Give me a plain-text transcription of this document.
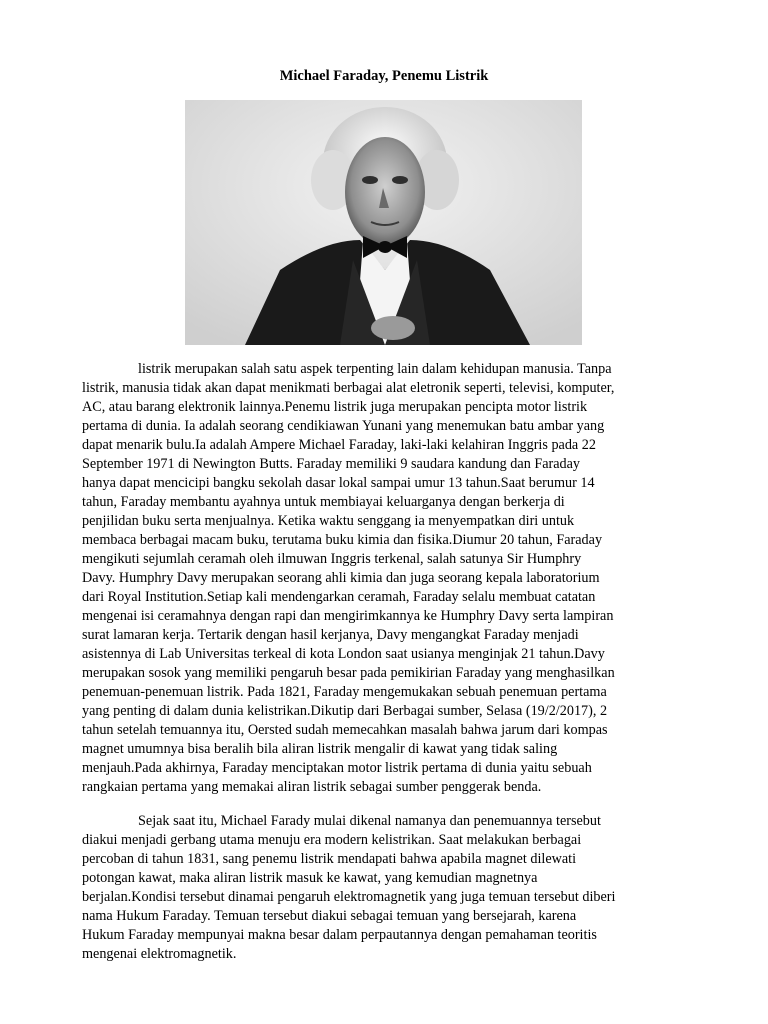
Michael Faraday, Penemu Listrik
listrik merupakan salah satu aspek terpenting lain dalam kehidupan manusia. Tanpa
listrik, manusia tidak akan dapat menikmati berbagai alat eletronik seperti, televisi, komputer,
AC, atau barang elektronik lainnya.Penemu listrik juga merupakan pencipta motor listrik
pertama di dunia. Ia adalah seorang cendikiawan Yunani yang menemukan batu ambar yang
dapat menarik bulu.Ia adalah Ampere Michael Faraday, laki-laki kelahiran Inggris pada 22
September 1971 di Newington Butts. Faraday memiliki 9 saudara kandung dan Faraday
hanya dapat mencicipi bangku sekolah dasar lokal sampai umur 13 tahun.Saat berumur 14
tahun, Faraday membantu ayahnya untuk membiayai keluarganya dengan berkerja di
penjilidan buku serta menjualnya. Ketika waktu senggang ia menyempatkan diri untuk
membaca berbagai macam buku, terutama buku kimia dan fisika.Diumur 20 tahun, Faraday
mengikuti sejumlah ceramah oleh ilmuwan Inggris terkenal, salah satunya Sir Humphry
Davy. Humphry Davy merupakan seorang ahli kimia dan juga seorang kepala laboratorium
dari Royal Institution.Setiap kali mendengarkan ceramah, Faraday selalu membuat catatan
mengenai isi ceramahnya dengan rapi dan mengirimkannya ke Humphry Davy serta lampiran
surat lamaran kerja. Tertarik dengan hasil kerjanya, Davy mengangkat Faraday menjadi
asistennya di Lab Universitas terkeal di kota London saat usianya menginjak 21 tahun.Davy
merupakan sosok yang memiliki pengaruh besar pada pemikirian Faraday yang menghasilkan
penemuan-penemuan listrik. Pada 1821, Faraday mengemukakan sebuah penemuan pertama
yang penting di dalam dunia kelistrikan.Dikutip dari Berbagai sumber, Selasa (19/2/2017), 2
tahun setelah temuannya itu, Oersted sudah memecahkan masalah bahwa jarum dari kompas
magnet umumnya bisa beralih bila aliran listrik mengalir di kawat yang tidak saling
menjauh.Pada akhirnya, Faraday menciptakan motor listrik pertama di dunia yaitu sebuah
rangkaian pertama yang memakai aliran listrik sebagai sumber penggerak benda.
Sejak saat itu, Michael Farady mulai dikenal namanya dan penemuannya tersebut
diakui menjadi gerbang utama menuju era modern kelistrikan. Saat melakukan berbagai
percoban di tahun 1831, sang penemu listrik mendapati bahwa apabila magnet dilewati
potongan kawat, maka aliran listrik masuk ke kawat, yang kemudian magnetnya
berjalan.Kondisi tersebut dinamai pengaruh elektromagnetik yang juga temuan tersebut diberi
nama Hukum Faraday. Temuan tersebut diakui sebagai temuan yang bersejarah, karena
Hukum Faraday mempunyai makna besar dalam perpautannya dengan pemahaman teoritis
mengenai elektromagnetik.
